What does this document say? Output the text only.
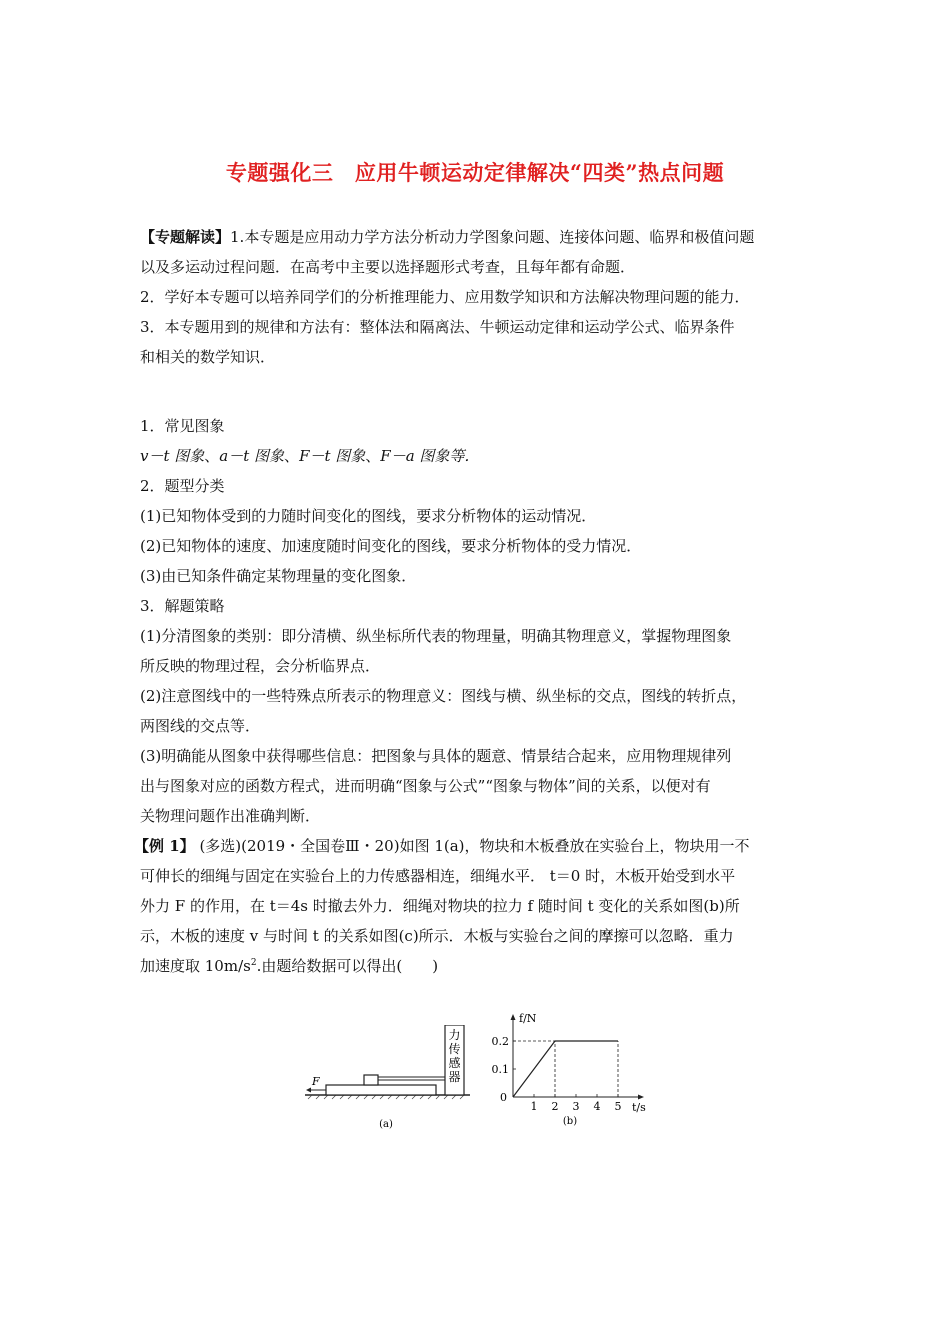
专题强化三　应用牛顿运动定律解决“四类”热点问题
【专题解读】1.本专题是应用动力学方法分析动力学图象问题、连接体问题、临界和极值问题
以及多运动过程问题．在高考中主要以选择题形式考查，且每年都有命题．
2．学好本专题可以培养同学们的分析推理能力、应用数学知识和方法解决物理问题的能力．
3．本专题用到的规律和方法有：整体法和隔离法、牛顿运动定律和运动学公式、临界条件
和相关的数学知识．
1．常见图象
v－t 图象、a－t 图象、F－t 图象、F－a 图象等．
2．题型分类
(1)已知物体受到的力随时间变化的图线，要求分析物体的运动情况．
(2)已知物体的速度、加速度随时间变化的图线，要求分析物体的受力情况．
(3)由已知条件确定某物理量的变化图象．
3．解题策略
(1)分清图象的类别：即分清横、纵坐标所代表的物理量，明确其物理意义，掌握物理图象
所反映的物理过程，会分析临界点．
(2)注意图线中的一些特殊点所表示的物理意义：图线与横、纵坐标的交点，图线的转折点，
两图线的交点等．
(3)明确能从图象中获得哪些信息：把图象与具体的题意、情景结合起来，应用物理规律列
出与图象对应的函数方程式，进而明确“图象与公式”“图象与物体”间的关系，以便对有
关物理问题作出准确判断．
【例 1】 (多选)(2019・全国卷Ⅲ・20)如图 1(a)，物块和木板叠放在实验台上，物块用一不
可伸长的细绳与固定在实验台上的力传感器相连，细绳水平． t＝0 时，木板开始受到水平
外力 F 的作用，在 t＝4s 时撤去外力．细绳对物块的拉力 f 随时间 t 变化的关系如图(b)所
示，木板的速度 v 与时间 t 的关系如图(c)所示．木板与实验台之间的摩擦可以忽略．重力
加速度取 $10m/s^2$.由题给数据可以得出(　　)
力
传
感
器
F
(a)
1 2 3 4 5
0.1
0.2
0
t/s
f/N
(b)
